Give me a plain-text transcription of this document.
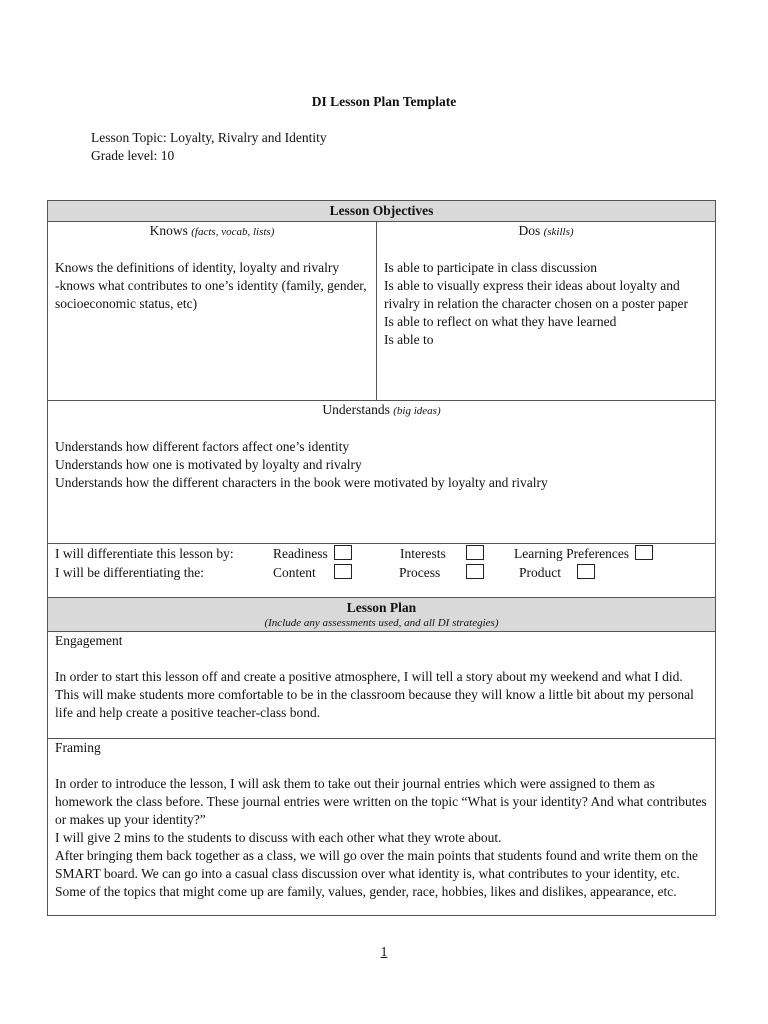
DI Lesson Plan Template
Lesson Topic: Loyalty, Rivalry and Identity
Grade level: 10
Lesson Objectives

Knows (facts, vocab, lists)
Knows the definitions of identity, loyalty and rivalry
-knows what contributes to one’s identity (family, gender, socioeconomic status, etc)

Dos (skills)
Is able to participate in class discussion
Is able to visually express their ideas about loyalty and rivalry in relation the character chosen on a poster paper
Is able to reflect on what they have learned
Is able to

Understands (big ideas)
Understands how different factors affect one’s identity
Understands how one is motivated by loyalty and rivalry
Understands how the different characters in the book were motivated by loyalty and rivalry

I will differentiate this lesson by:	Readiness	Interests	Learning Preferences
I will be differentiating the:	Content	Process	Product

Lesson Plan
(Include any assessments used, and all DI strategies)

Engagement
In order to start this lesson off and create a positive atmosphere, I will tell a story about my weekend and what I did. This will make students more comfortable to be in the classroom because they will know a little bit about my personal life and help create a positive teacher-class bond.

Framing
In order to introduce the lesson, I will ask them to take out their journal entries which were assigned to them as homework the class before. These journal entries were written on the topic “What is your identity? And what contributes or makes up your identity?”
I will give 2 mins to the students to discuss with each other what they wrote about.
After bringing them back together as a class, we will go over the main points that students found and write them on the SMART board. We can go into a casual class discussion over what identity is, what contributes to your identity, etc. Some of the topics that might come up are family, values, gender, race, hobbies, likes and dislikes, appearance, etc.
1
